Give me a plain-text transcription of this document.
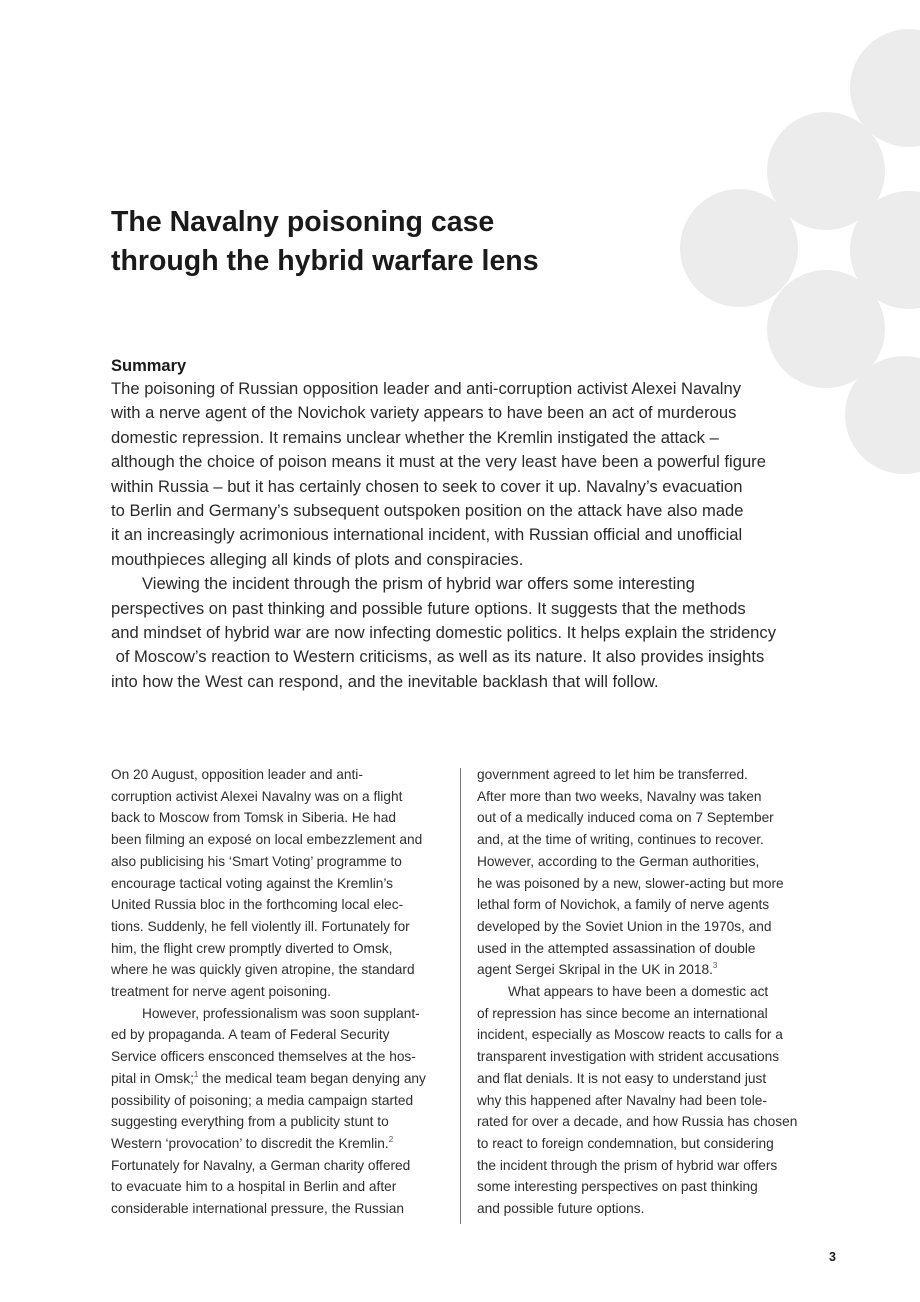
The Navalny poisoning case
through the hybrid warfare lens
Summary
The poisoning of Russian opposition leader and anti-corruption activist Alexei Navalny
with a nerve agent of the Novichok variety appears to have been an act of murderous
domestic repression. It remains unclear whether the Kremlin instigated the attack –
although the choice of poison means it must at the very least have been a powerful figure
within Russia – but it has certainly chosen to seek to cover it up. Navalny’s evacuation
to Berlin and Germany’s subsequent outspoken position on the attack have also made
it an increasingly acrimonious international incident, with Russian official and unofficial
mouthpieces alleging all kinds of plots and conspiracies.
Viewing the incident through the prism of hybrid war offers some interesting
perspectives on past thinking and possible future options. It suggests that the methods
and mindset of hybrid war are now infecting domestic politics. It helps explain the stridency
of Moscow’s reaction to Western criticisms, as well as its nature. It also provides insights
into how the West can respond, and the inevitable backlash that will follow.
On 20 August, opposition leader and anti-
corruption activist Alexei Navalny was on a flight
back to Moscow from Tomsk in Siberia. He had
been filming an exposé on local embezzlement and
also publicising his ‘Smart Voting’ programme to
encourage tactical voting against the Kremlin’s
United Russia bloc in the forthcoming local elec-
tions. Suddenly, he fell violently ill. Fortunately for
him, the flight crew promptly diverted to Omsk,
where he was quickly given atropine, the standard
treatment for nerve agent poisoning.
However, professionalism was soon supplant-
ed by propaganda. A team of Federal Security
Service officers ensconced themselves at the hos-
pital in Omsk;$^1$ the medical team began denying any
possibility of poisoning; a media campaign started
suggesting everything from a publicity stunt to
Western ‘provocation’ to discredit the Kremlin.$^2$
Fortunately for Navalny, a German charity offered
to evacuate him to a hospital in Berlin and after
considerable international pressure, the Russian
government agreed to let him be transferred.
After more than two weeks, Navalny was taken
out of a medically induced coma on 7 September
and, at the time of writing, continues to recover.
However, according to the German authorities,
he was poisoned by a new, slower-acting but more
lethal form of Novichok, a family of nerve agents
developed by the Soviet Union in the 1970s, and
used in the attempted assassination of double
agent Sergei Skripal in the UK in 2018.$^3$
What appears to have been a domestic act
of repression has since become an international
incident, especially as Moscow reacts to calls for a
transparent investigation with strident accusations
and flat denials. It is not easy to understand just
why this happened after Navalny had been tole-
rated for over a decade, and how Russia has chosen
to react to foreign condemnation, but considering
the incident through the prism of hybrid war offers
some interesting perspectives on past thinking
and possible future options.
3
